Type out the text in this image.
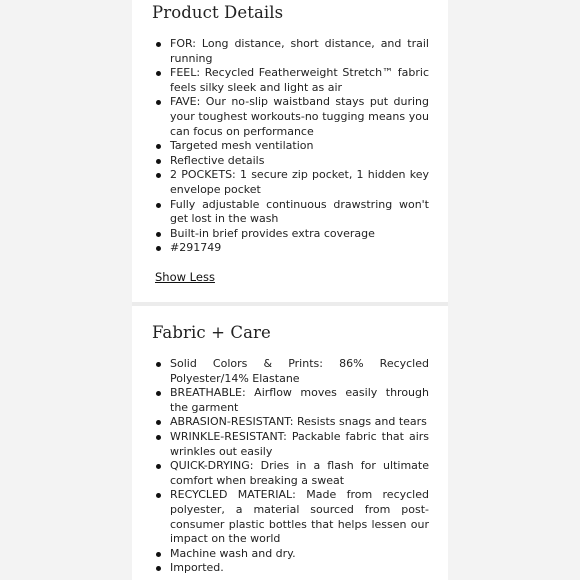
Product Details
FOR: Long distance, short distance, and trail running
FEEL: Recycled Featherweight Stretch™ fabric feels silky sleek and light as air
FAVE: Our no-slip waistband stays put during your toughest workouts-no tugging means you can focus on performance
Targeted mesh ventilation
Reflective details
2 POCKETS: 1 secure zip pocket, 1 hidden key envelope pocket
Fully adjustable continuous drawstring won't get lost in the wash
Built-in brief provides extra coverage
#291749
Show Less
Fabric + Care
Solid Colors & Prints: 86% Recycled Polyester/14% Elastane
BREATHABLE: Airflow moves easily through the garment
ABRASION-RESISTANT: Resists snags and tears
WRINKLE-RESISTANT: Packable fabric that airs wrinkles out easily
QUICK-DRYING: Dries in a flash for ultimate comfort when breaking a sweat
RECYCLED MATERIAL: Made from recycled polyester, a material sourced from post-consumer plastic bottles that helps lessen our impact on the world
Machine wash and dry.
Imported.
